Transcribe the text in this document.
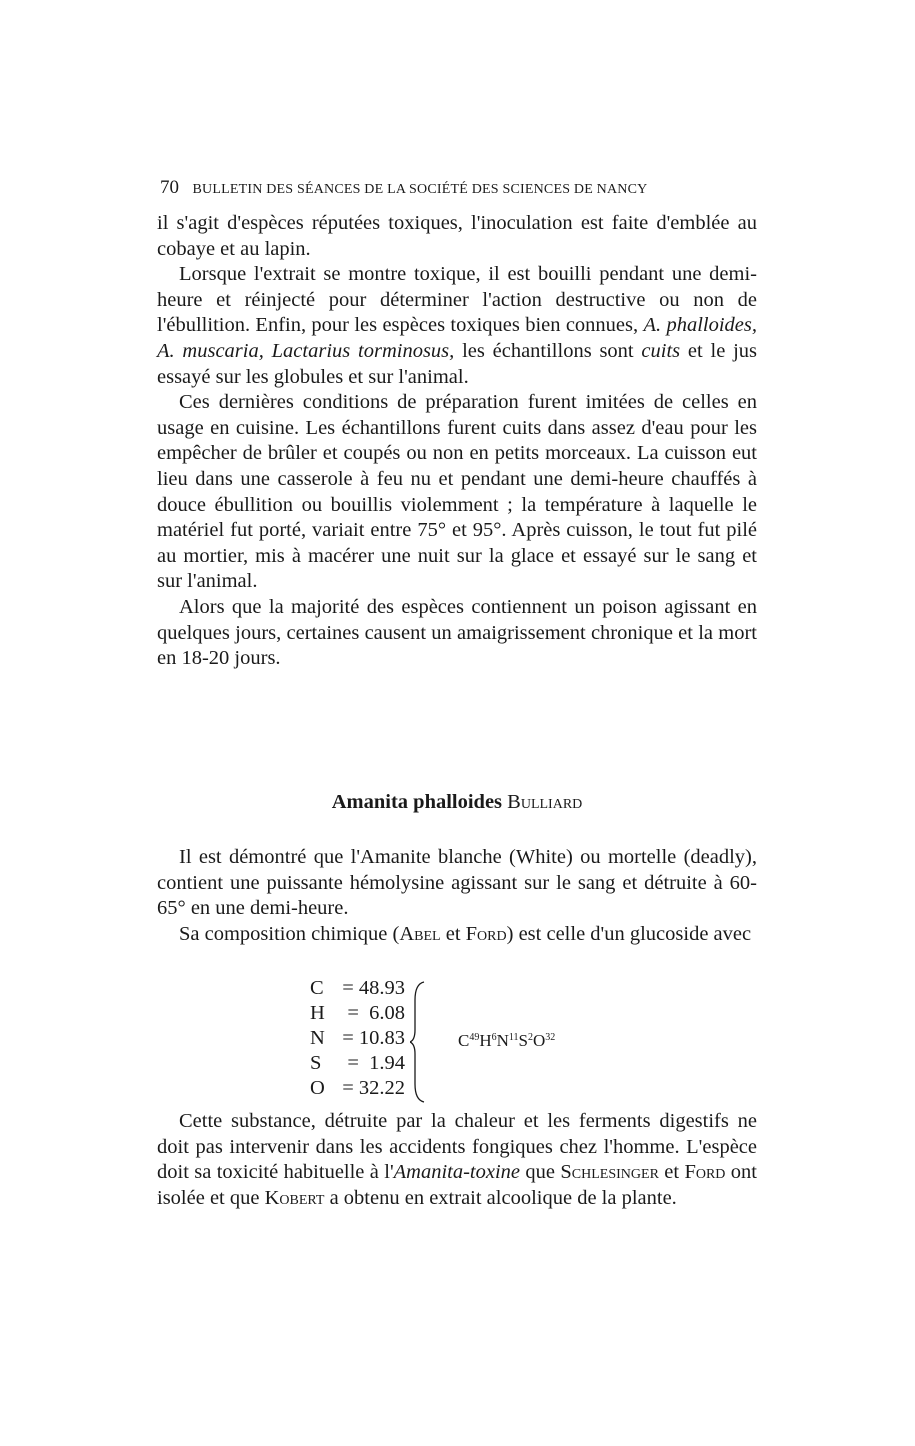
70 BULLETIN DES SÉANCES DE LA SOCIÉTÉ DES SCIENCES DE NANCY

il s'agit d'espèces réputées toxiques, l'inoculation est faite d'emblée au cobaye et au lapin.

Lorsque l'extrait se montre toxique, il est bouilli pendant une demi-heure et réinjecté pour déterminer l'action destructive ou non de l'ébullition. Enfin, pour les espèces toxiques bien connues, A. phalloides, A. muscaria, Lactarius torminosus, les échantillons sont cuits et le jus essayé sur les globules et sur l'animal.

Ces dernières conditions de préparation furent imitées de celles en usage en cuisine. Les échantillons furent cuits dans assez d'eau pour les empêcher de brûler et coupés ou non en petits morceaux. La cuisson eut lieu dans une casserole à feu nu et pendant une demi-heure chauffés à douce ébullition ou bouillis violemment ; la température à laquelle le matériel fut porté, variait entre 75° et 95°. Après cuisson, le tout fut pilé au mortier, mis à macérer une nuit sur la glace et essayé sur le sang et sur l'animal.

Alors que la majorité des espèces contiennent un poison agissant en quelques jours, certaines causent un amaigrissement chronique et la mort en 18-20 jours.

Amanita phalloides Bulliard

Il est démontré que l'Amanite blanche (White) ou mortelle (deadly), contient une puissante hémolysine agissant sur le sang et détruite à 60-65° en une demi-heure.

Sa composition chimique (Abel et Ford) est celle d'un glucoside avec

C = 48.93
H =  6.08
N = 10.83
S =  1.94
O = 32.22
$C^{49}H^6N^{11}S^2O^{32}$

Cette substance, détruite par la chaleur et les ferments digestifs ne doit pas intervenir dans les accidents fongiques chez l'homme. L'espèce doit sa toxicité habituelle à l'Amanita-toxine que Schlesinger et Ford ont isolée et que Kobert a obtenu en extrait alcoolique de la plante.
